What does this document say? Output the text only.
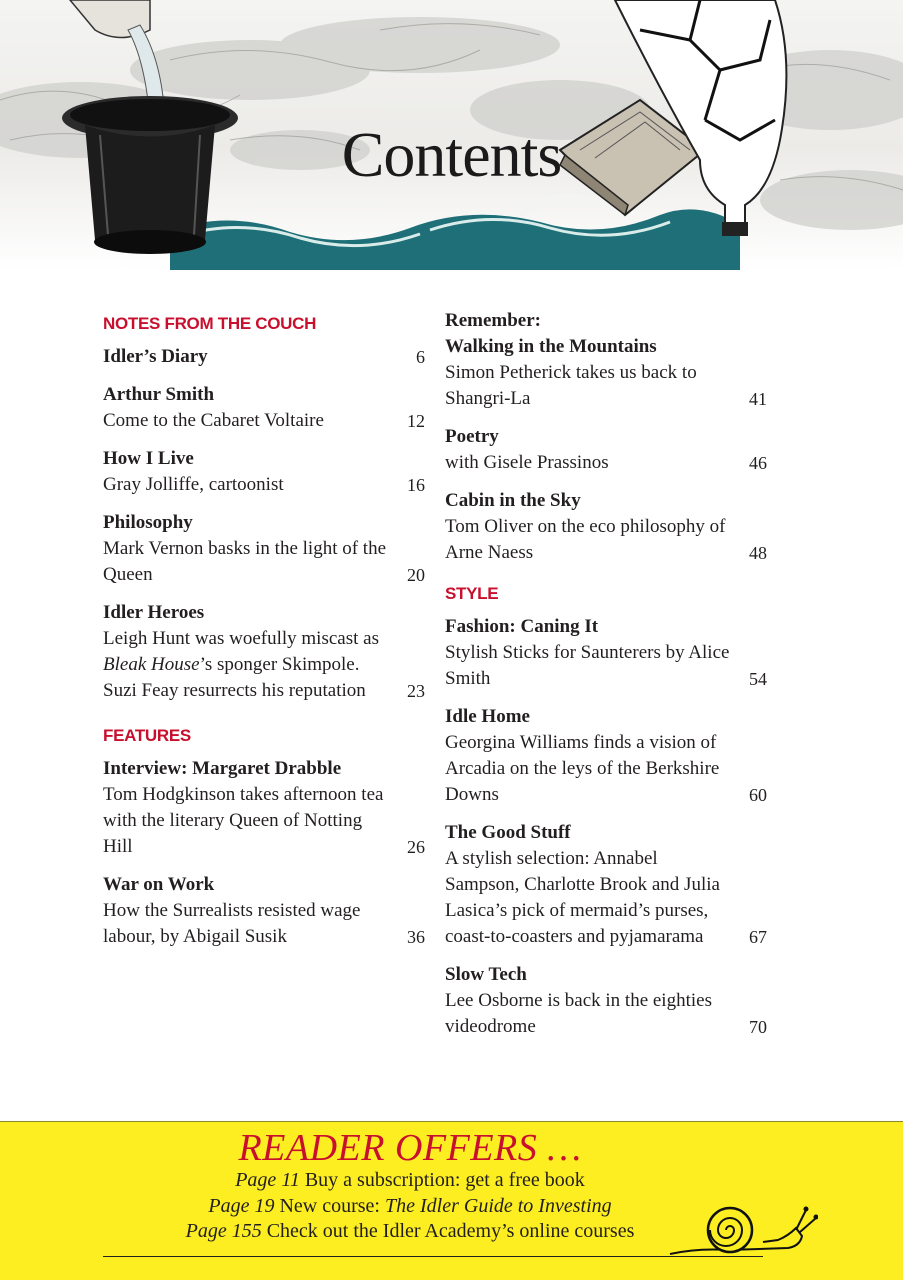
Contents
NOTES FROM THE COUCH
Idler’s Diary	6
Arthur Smith
Come to the Cabaret Voltaire	12
How I Live
Gray Jolliffe, cartoonist	16
Philosophy
Mark Vernon basks in the light of the Queen	20
Idler Heroes
Leigh Hunt was woefully miscast as Bleak House’s sponger Skimpole. Suzi Feay resurrects his reputation	23
FEATURES
Interview: Margaret Drabble
Tom Hodgkinson takes afternoon tea with the literary Queen of Notting Hill	26
War on Work
How the Surrealists resisted wage labour, by Abigail Susik	36
Remember:
Walking in the Mountains
Simon Petherick takes us back to Shangri-La	41
Poetry
with Gisele Prassinos	46
Cabin in the Sky
Tom Oliver on the eco philosophy of Arne Naess	48
STYLE
Fashion: Caning It
Stylish Sticks for Saunterers by Alice Smith	54
Idle Home
Georgina Williams finds a vision of Arcadia on the leys of the Berkshire Downs	60
The Good Stuff
A stylish selection: Annabel Sampson, Charlotte Brook and Julia Lasica’s pick of mermaid’s purses, coast-to-coasters and pyjamarama	67
Slow Tech
Lee Osborne is back in the eighties videodrome	70
READER OFFERS …
Page 11 Buy a subscription: get a free book
Page 19 New course: The Idler Guide to Investing
Page 155 Check out the Idler Academy’s online courses
